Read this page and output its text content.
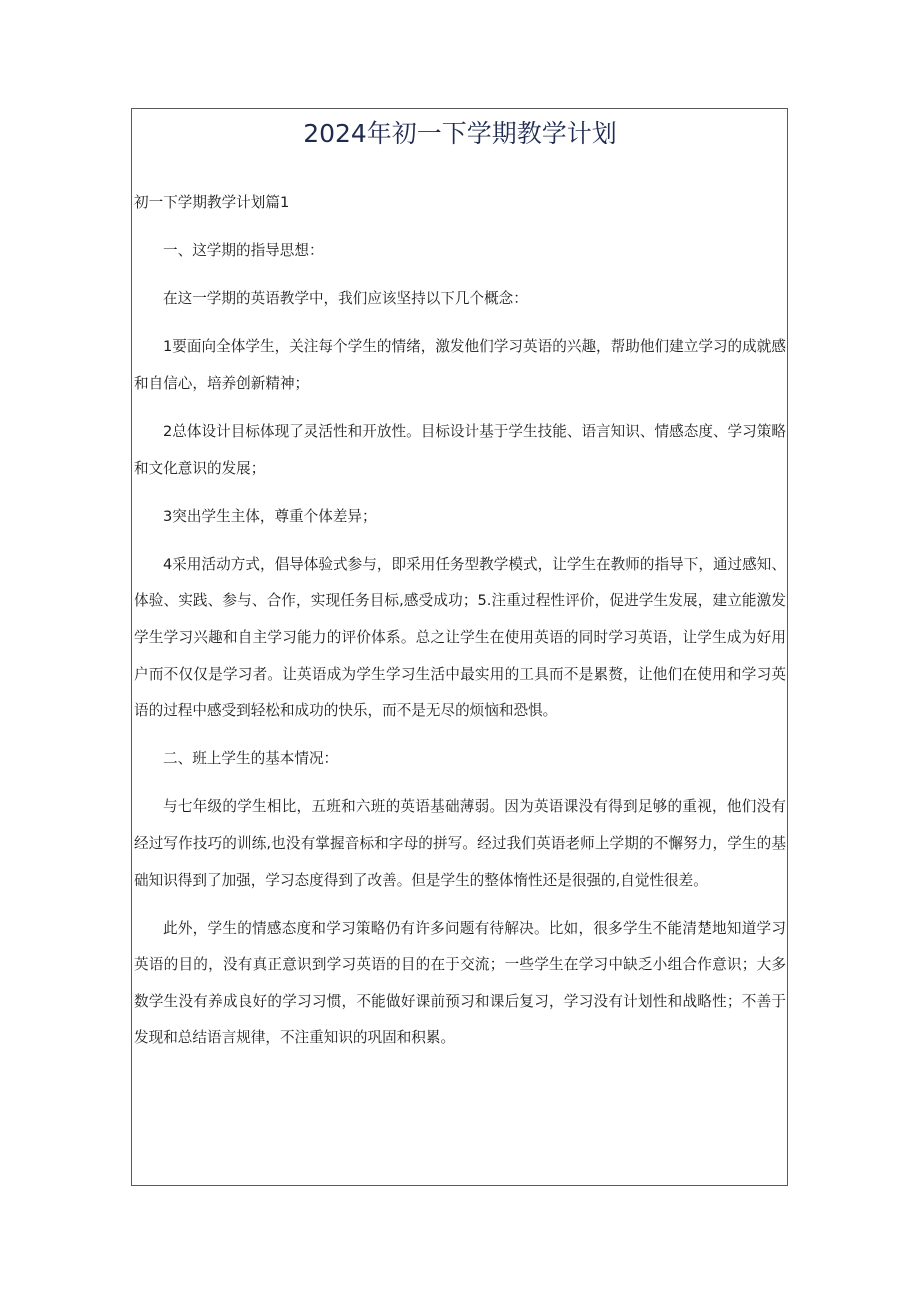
2024年初一下学期教学计划

初一下学期教学计划篇1

一、这学期的指导思想：

在这一学期的英语教学中，我们应该坚持以下几个概念：

1要面向全体学生，关注每个学生的情绪，激发他们学习英语的兴趣，帮助他们建立学习的成就感和自信心，培养创新精神；

2总体设计目标体现了灵活性和开放性。目标设计基于学生技能、语言知识、情感态度、学习策略和文化意识的发展；

3突出学生主体，尊重个体差异；

4采用活动方式，倡导体验式参与，即采用任务型教学模式，让学生在教师的指导下，通过感知、体验、实践、参与、合作，实现任务目标,感受成功；5.注重过程性评价，促进学生发展，建立能激发学生学习兴趣和自主学习能力的评价体系。总之让学生在使用英语的同时学习英语，让学生成为好用户而不仅仅是学习者。让英语成为学生学习生活中最实用的工具而不是累赘，让他们在使用和学习英语的过程中感受到轻松和成功的快乐，而不是无尽的烦恼和恐惧。

二、班上学生的基本情况：

与七年级的学生相比，五班和六班的英语基础薄弱。因为英语课没有得到足够的重视，他们没有经过写作技巧的训练,也没有掌握音标和字母的拼写。经过我们英语老师上学期的不懈努力，学生的基础知识得到了加强，学习态度得到了改善。但是学生的整体惰性还是很强的,自觉性很差。

此外，学生的情感态度和学习策略仍有许多问题有待解决。比如，很多学生不能清楚地知道学习英语的目的，没有真正意识到学习英语的目的在于交流；一些学生在学习中缺乏小组合作意识；大多数学生没有养成良好的学习习惯，不能做好课前预习和课后复习，学习没有计划性和战略性；不善于发现和总结语言规律，不注重知识的巩固和积累。
